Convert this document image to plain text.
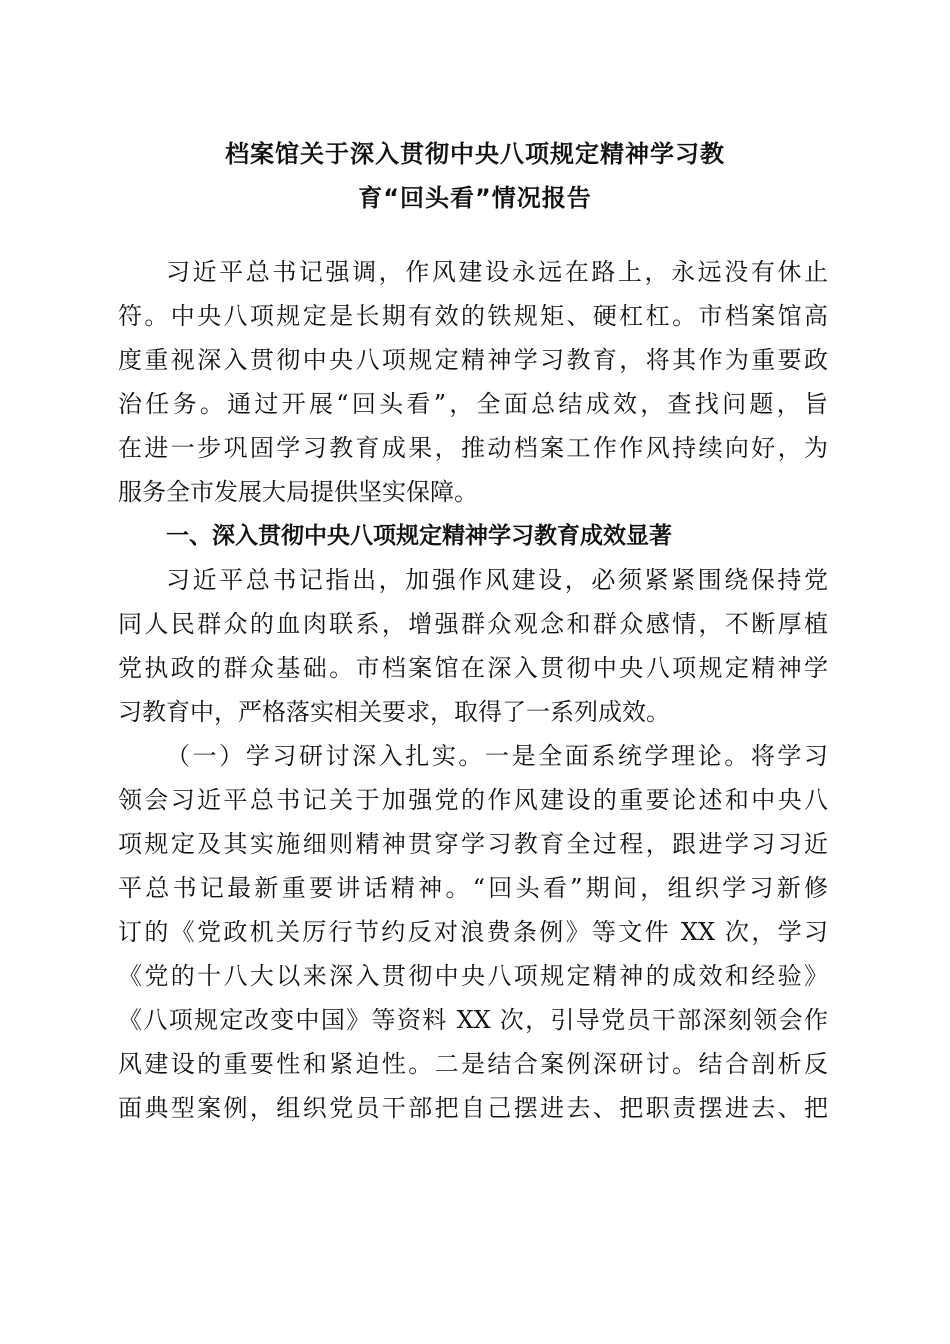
档案馆关于深入贯彻中央八项规定精神学习教
育“回头看”情况报告
习近平总书记强调，作风建设永远在路上，永远没有休止
符。中央八项规定是长期有效的铁规矩、硬杠杠。市档案馆高
度重视深入贯彻中央八项规定精神学习教育，将其作为重要政
治任务。通过开展“回头看”，全面总结成效，查找问题，旨
在进一步巩固学习教育成果，推动档案工作作风持续向好，为
服务全市发展大局提供坚实保障。
一、深入贯彻中央八项规定精神学习教育成效显著
习近平总书记指出，加强作风建设，必须紧紧围绕保持党
同人民群众的血肉联系，增强群众观念和群众感情，不断厚植
党执政的群众基础。市档案馆在深入贯彻中央八项规定精神学
习教育中，严格落实相关要求，取得了一系列成效。
（一）学习研讨深入扎实。一是全面系统学理论。将学习
领会习近平总书记关于加强党的作风建设的重要论述和中央八
项规定及其实施细则精神贯穿学习教育全过程，跟进学习习近
平总书记最新重要讲话精神。“回头看”期间，组织学习新修
订的《党政机关厉行节约反对浪费条例》等文件 XX 次，学习
《党的十八大以来深入贯彻中央八项规定精神的成效和经验》
《八项规定改变中国》等资料 XX 次，引导党员干部深刻领会作
风建设的重要性和紧迫性。二是结合案例深研讨。结合剖析反
面典型案例，组织党员干部把自己摆进去、把职责摆进去、把
